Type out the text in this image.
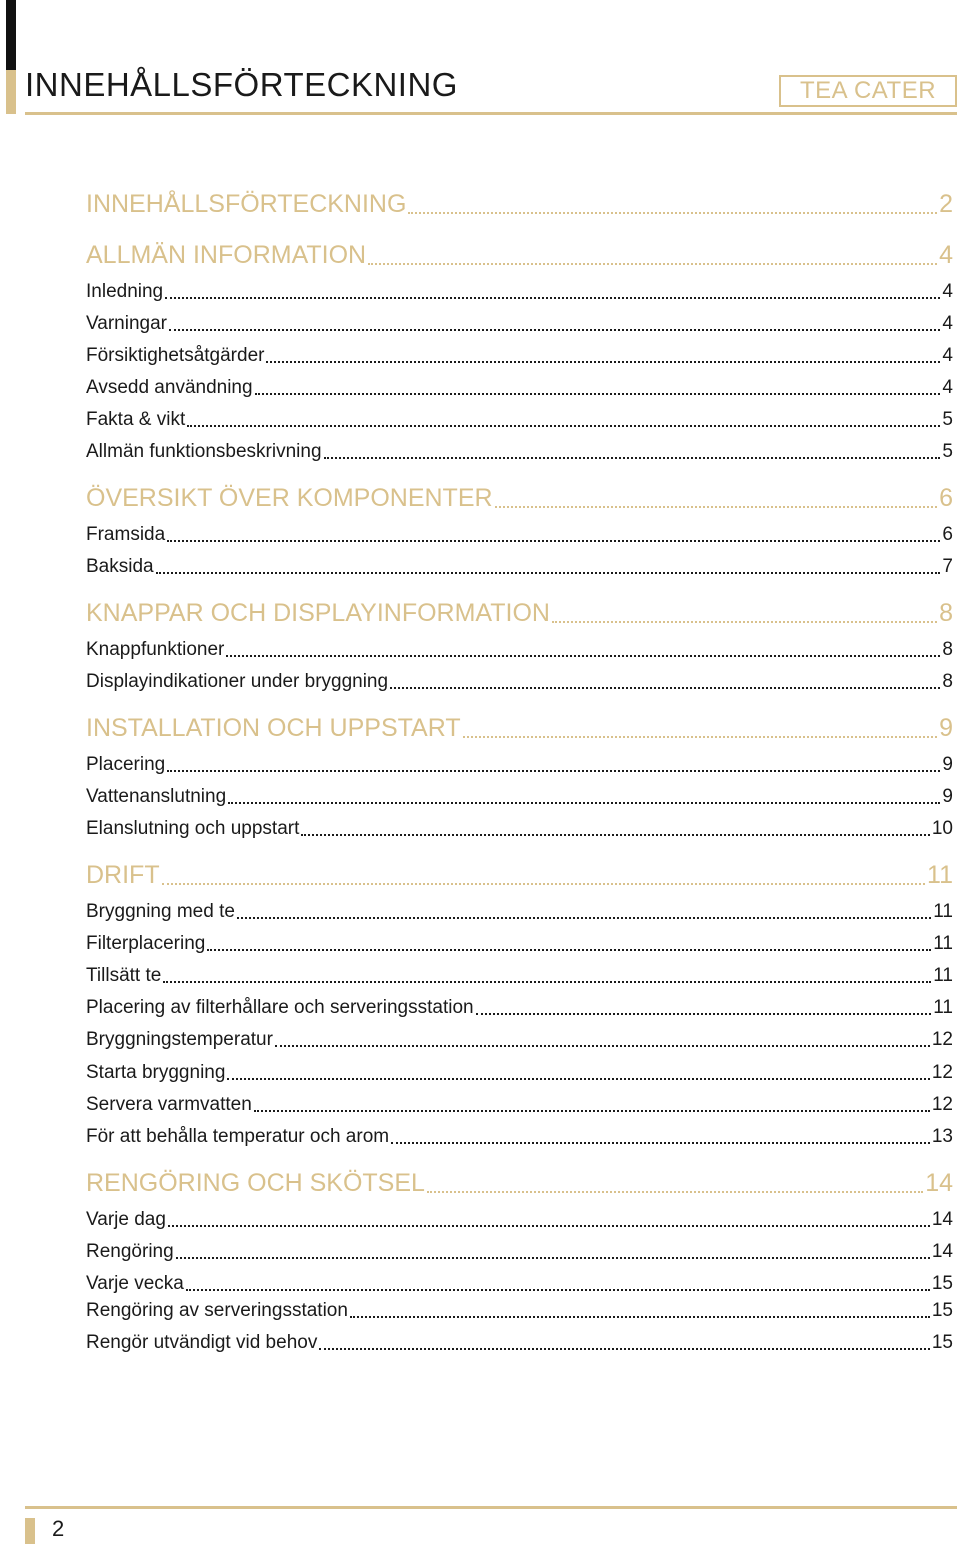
INNEHÅLLSFÖRTECKNING	TEA CATER
INNEHÅLLSFÖRTECKNING	2
ALLMÄN INFORMATION	4
Inledning	4
Varningar	4
Försiktighetsåtgärder	4
Avsedd användning	4
Fakta & vikt	5
Allmän funktionsbeskrivning	5
ÖVERSIKT ÖVER KOMPONENTER	6
Framsida	6
Baksida	7
KNAPPAR OCH DISPLAYINFORMATION	8
Knappfunktioner	8
Displayindikationer under bryggning	8
INSTALLATION OCH UPPSTART	9
Placering	9
Vattenanslutning	9
Elanslutning och uppstart	10
DRIFT	11
Bryggning med te	11
Filterplacering	11
Tillsätt te	11
Placering av filterhållare och serveringsstation	11
Bryggningstemperatur	12
Starta bryggning	12
Servera varmvatten	12
För att behålla temperatur och arom	13
RENGÖRING OCH SKÖTSEL	14
Varje dag	14
Rengöring	14
Varje vecka	15
Rengöring av serveringsstation	15
Rengör utvändigt vid behov	15
2
